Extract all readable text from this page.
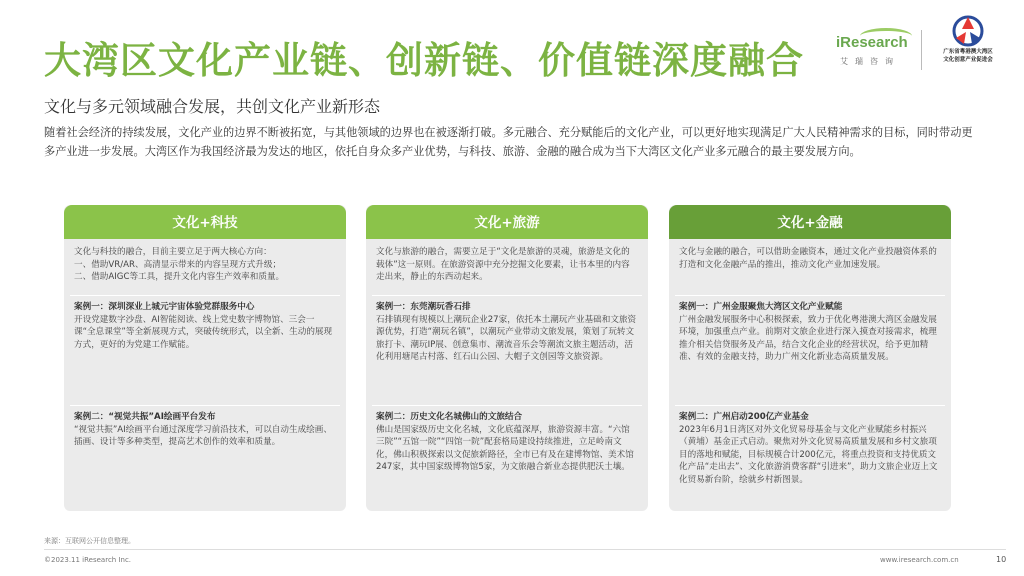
大湾区文化产业链、创新链、价值链深度融合
文化与多元领域融合发展，共创文化产业新形态
随着社会经济的持续发展，文化产业的边界不断被拓宽，与其他领域的边界也在被逐渐打破。多元融合、充分赋能后的文化产业，可以更好地实现满足广大人民精神需求的目标，同时带动更多产业进一步发展。大湾区作为我国经济最为发达的地区，依托自身众多产业优势，与科技、旅游、金融的融合成为当下大湾区文化产业多元融合的最主要发展方向。
iResearch
艾瑞咨询
广东省粤港澳大湾区
文化创意产业促进会
文化+科技
文化与科技的融合，目前主要立足于两大核心方向：
一、借助VR/AR、高清显示带来的内容呈现方式升级；
二、借助AIGC等工具，提升文化内容生产效率和质量。
案例一：深圳深业上城元宇宙体验党群服务中心
开设党建数字沙盘、AI智能阅读、线上党史数字博物馆、三会一课“全息课堂”等全新展现方式，突破传统形式，以全新、生动的展现方式，更好的为党建工作赋能。
案例二：“视觉共振”AI绘画平台发布
“视觉共振”AI绘画平台通过深度学习前沿技术，可以自动生成绘画、插画、设计等多种类型，提高艺术创作的效率和质量。
文化+旅游
文化与旅游的融合，需要立足于“文化是旅游的灵魂，旅游是文化的载体”这一原则。在旅游资源中充分挖掘文化要素，让书本里的内容走出来，静止的东西动起来。
案例一：东莞潮玩香石排
石排镇现有规模以上潮玩企业27家，依托本土潮玩产业基础和文旅资源优势，打造“潮玩名镇”，以潮玩产业带动文旅发展，策划了玩转文旅打卡、潮玩IP展、创意集市、潮流音乐会等潮流文旅主题活动，活化利用塘尾古村落、红石山公园、大帽子文创园等文旅资源。
案例二：历史文化名城佛山的文旅结合
佛山是国家级历史文化名城，文化底蕴深厚，旅游资源丰富。“六馆三院”“五馆一院”“四馆一院”配套格局建设持续推进，立足岭南文化，佛山积极探索以文促旅新路径，全市已有及在建博物馆、美术馆247家，其中国家级博物馆5家，为文旅融合新业态提供肥沃土壤。
文化+金融
文化与金融的融合，可以借助金融资本，通过文化产业投融资体系的打造和文化金融产品的推出，推动文化产业加速发展。
案例一：广州金服聚焦大湾区文化产业赋能
广州金融发展服务中心积极探索，致力于优化粤港澳大湾区金融发展环境，加强重点产业。前期对文旅企业进行深入摸查对接需求，梳理推介相关信贷服务及产品，结合文化企业的经营状况，给予更加精准、有效的金融支持，助力广州文化新业态高质量发展。
案例二：广州启动200亿产业基金
2023年6月1日湾区对外文化贸易母基金与文化产业赋能乡村振兴（黄埔）基金正式启动。聚焦对外文化贸易高质量发展和乡村文旅项目的落地和赋能，目标规模合计200亿元，将重点投资和支持优质文化产品“走出去”、文化旅游消费客群“引进来”，助力文旅企业迈上文化贸易新台阶，绘就乡村新图景。
来源：互联网公开信息整理。
©2023.11 iResearch Inc.	www.iresearch.com.cn	10
